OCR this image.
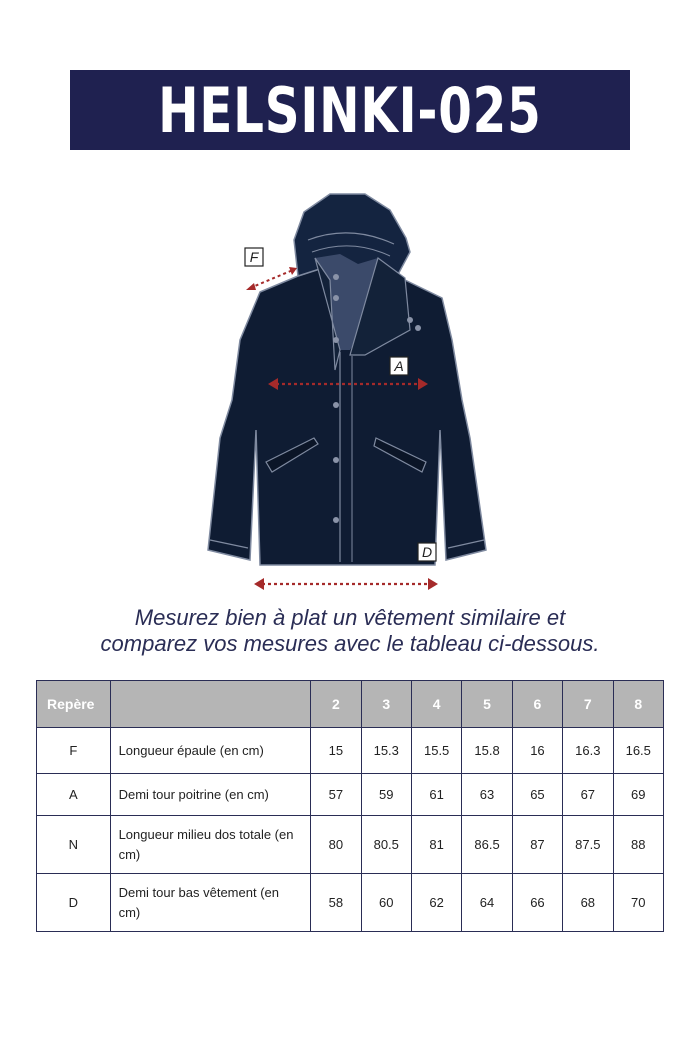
HELSINKI-025
F
A
D
Mesurez bien à plat un vêtement similaire et
comparez vos mesures avec le tableau ci-dessous.
Repère		2	3	4	5	6	7	8
F	Longueur épaule (en cm)	15	15.3	15.5	15.8	16	16.3	16.5
A	Demi tour poitrine (en cm)	57	59	61	63	65	67	69
N	Longueur milieu dos totale (en cm)	80	80.5	81	86.5	87	87.5	88
D	Demi tour bas vêtement (en cm)	58	60	62	64	66	68	70
